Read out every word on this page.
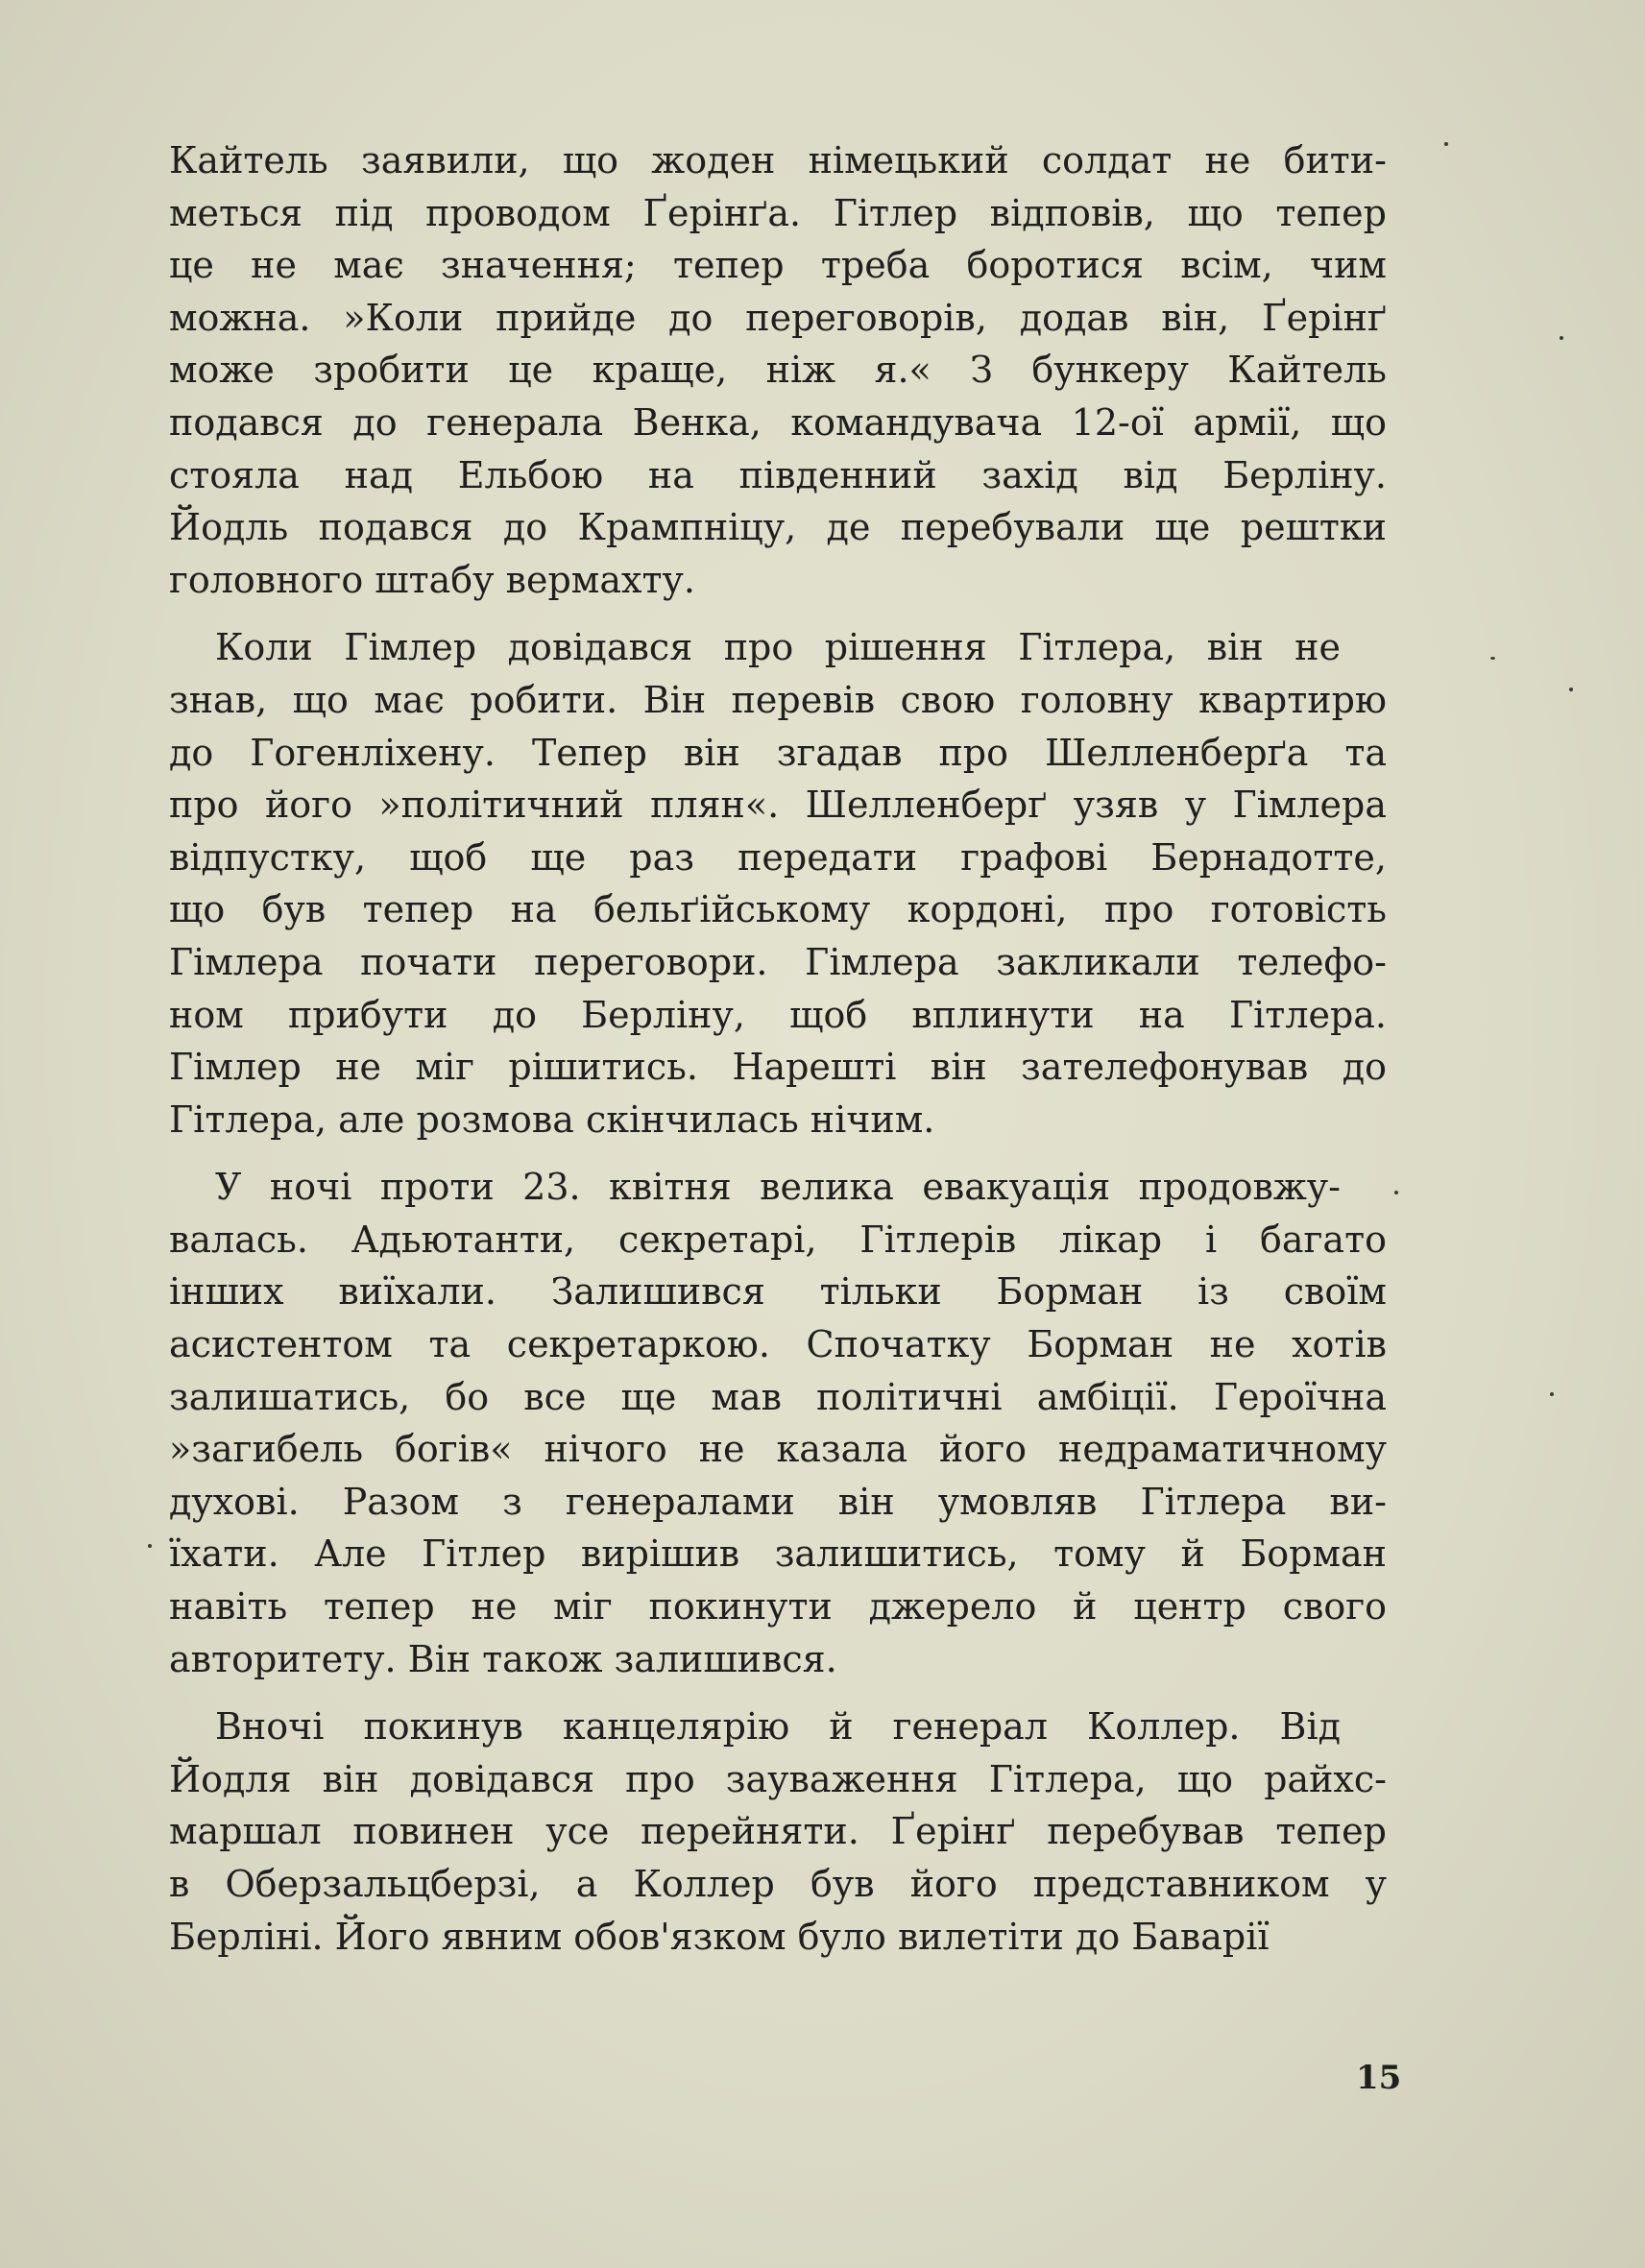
Кайтель заявили, що жоден німецький солдат не бити-
меться під проводом Ґерінґа. Гітлер відповів, що тепер
це не має значення; тепер треба боротися всім, чим
можна. »Коли прийде до переговорів, додав він, Ґерінґ
може зробити це краще, ніж я.« З бункеру Кайтель
подався до генерала Венка, командувача 12-ої армії, що
стояла над Ельбою на південний захід від Берліну.
Йодль подався до Крампніцу, де перебували ще рештки
головного штабу вермахту.
Коли Гімлер довідався про рішення Гітлера, він не
знав, що має робити. Він перевів свою головну квартирю
до Гогенліхену. Тепер він згадав про Шелленберґа та
про його »політичний плян«. Шелленберґ узяв у Гімлера
відпустку, щоб ще раз передати графові Бернадотте,
що був тепер на бельґійському кордоні, про готовість
Гімлера почати переговори. Гімлера закликали телефо-
ном прибути до Берліну, щоб вплинути на Гітлера.
Гімлер не міг рішитись. Нарешті він зателефонував до
Гітлера, але розмова скінчилась нічим.
У ночі проти 23. квітня велика евакуація продовжу-
валась. Адьютанти, секретарі, Гітлерів лікар і багато
інших виїхали. Залишився тільки Борман із своїм
асистентом та секретаркою. Спочатку Борман не хотів
залишатись, бо все ще мав політичні амбіції. Героїчна
»загибель богів« нічого не казала його недраматичному
духові. Разом з генералами він умовляв Гітлера ви-
їхати. Але Гітлер вирішив залишитись, тому й Борман
навіть тепер не міг покинути джерело й центр свого
авторитету. Він також залишився.
Вночі покинув канцелярію й генерал Коллер. Від
Йодля він довідався про зауваження Гітлера, що райхс-
маршал повинен усе перейняти. Ґерінґ перебував тепер
в Оберзальцберзі, а Коллер був його представником у
Берліні. Його явним обов'язком було вилетіти до Баварії
15
